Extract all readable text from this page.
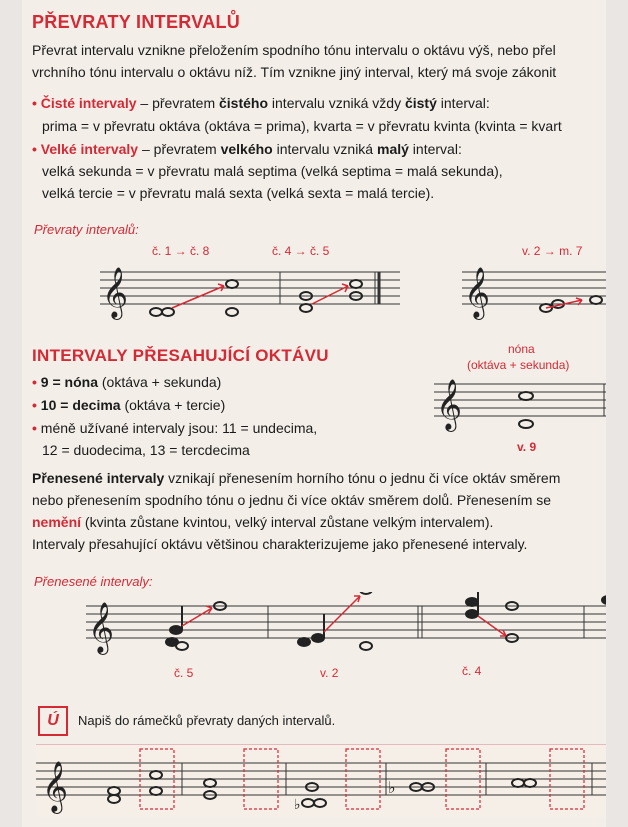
PŘEVRATY INTERVALŮ
Převrat intervalu vznikne přeložením spodního tónu intervalu o oktávu výš, nebo přel
vrchního tónu intervalu o oktávu níž. Tím vznikne jiný interval, který má svoje zákonit
• Čisté intervaly – převratem čistého intervalu vzniká vždy čistý interval:
prima = v převratu oktáva (oktáva = prima), kvarta = v převratu kvinta (kvinta = kvart
• Velké intervaly – převratem velkého intervalu vzniká malý interval:
velká sekunda = v převratu malá septima (velká septima = malá sekunda),
velká tercie = v převratu malá sexta (velká sexta = malá tercie).
Převraty intervalů:
č. 1 → č. 8	č. 4 → č. 5	v. 2 → m. 7
𝄞	𝄞
INTERVALY PŘESAHUJÍCÍ OKTÁVU
• 9 = nóna (oktáva + sekunda)
• 10 = decima (oktáva + tercie)
• méně užívané intervaly jsou: 11 = undecima,
12 = duodecima, 13 = tercdecima
nóna
(oktáva + sekunda)
𝄞
v. 9
Přenesené intervaly vznikají přenesením horního tónu o jednu či více oktáv směrem
nebo přenesením spodního tónu o jednu či více oktáv směrem dolů. Přenesením se
nemění (kvinta zůstane kvintou, velký interval zůstane velkým intervalem).
Intervaly přesahující oktávu většinou charakterizujeme jako přenesené intervaly.
Přenesené intervaly:
𝄞
č. 5	v. 2	č. 4
Ú	Napiš do rámečků převraty daných intervalů.
𝄞	♭
♭
